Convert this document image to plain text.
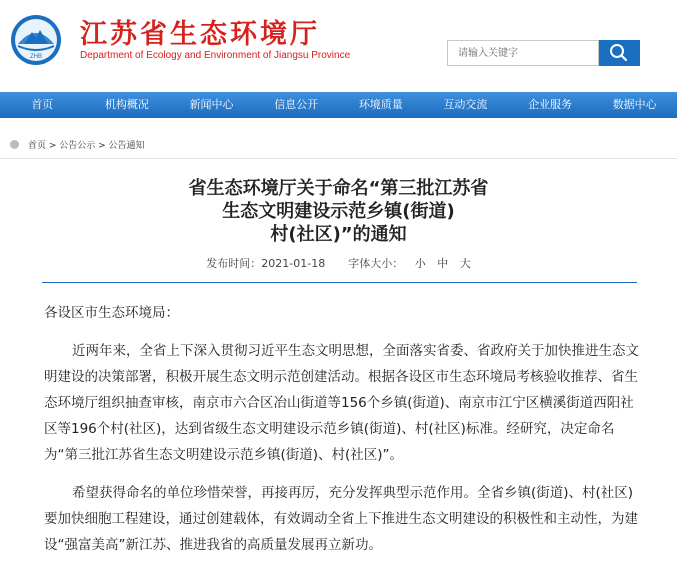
ZHB
江苏省生态环境厅
Department of Ecology and Environment of Jiangsu Province
请输入关键字
首页	机构概况	新闻中心	信息公开	环境质量	互动交流	企业服务	数据中心
首页 > 公告公示 > 公告通知
省生态环境厅关于命名“第三批江苏省
生态文明建设示范乡镇(街道)
村(社区)”的通知
发布时间：2021-01-18 字体大小： 小 中 大

各设区市生态环境局：

近两年来，全省上下深入贯彻习近平生态文明思想，全面落实省委、省政府关于加快推进生态文明建设的决策部署，积极开展生态文明示范创建活动。根据各设区市生态环境局考核验收推荐、省生态环境厅组织抽查审核，南京市六合区冶山街道等156个乡镇(街道)、南京市江宁区横溪街道西阳社区等196个村(社区)，达到省级生态文明建设示范乡镇(街道)、村(社区)标准。经研究，决定命名为“第三批江苏省生态文明建设示范乡镇(街道)、村(社区)”。

希望获得命名的单位珍惜荣誉，再接再厉，充分发挥典型示范作用。全省乡镇(街道)、村(社区)要加快细胞工程建设，通过创建载体，有效调动全省上下推进生态文明建设的积极性和主动性，为建设“强富美高”新江苏、推进我省的高质量发展再立新功。
